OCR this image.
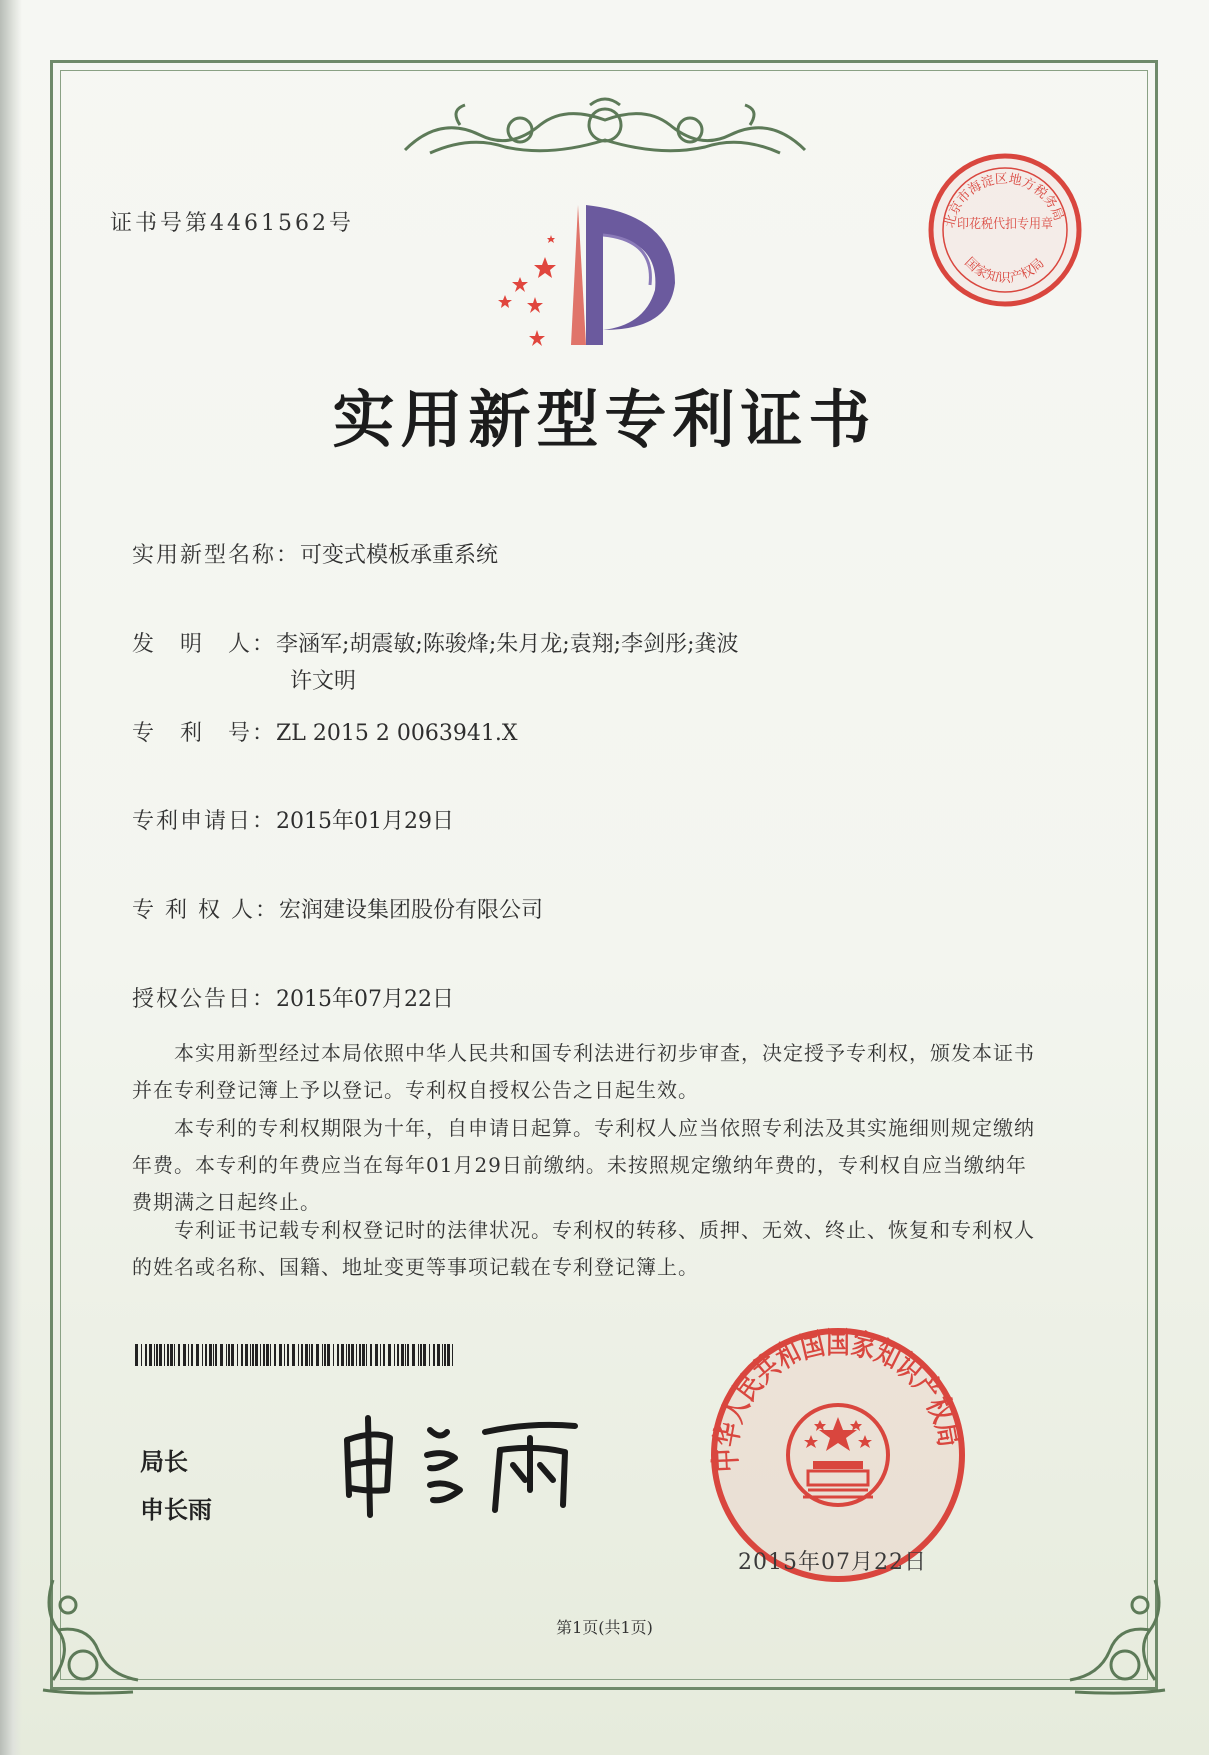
证书号第4461562号	北京市海淀区地方税务局
印花税代扣专用章
国家知识产权局
实用新型专利证书
实用新型名称：可变式模板承重系统
发　明　人：李涵军;胡震敏;陈骏烽;朱月龙;袁翔;李剑彤;龚波
许文明
专　利　号：ZL 2015 2 0063941.X
专利申请日：2015年01月29日
专 利 权 人：宏润建设集团股份有限公司
授权公告日：2015年07月22日
本实用新型经过本局依照中华人民共和国专利法进行初步审查，决定授予专利权，颁发本证书并在专利登记簿上予以登记。专利权自授权公告之日起生效。
本专利的专利权期限为十年，自申请日起算。专利权人应当依照专利法及其实施细则规定缴纳年费。本专利的年费应当在每年01月29日前缴纳。未按照规定缴纳年费的，专利权自应当缴纳年费期满之日起终止。
专利证书记载专利权登记时的法律状况。专利权的转移、质押、无效、终止、恢复和专利权人的姓名或名称、国籍、地址变更等事项记载在专利登记簿上。
局长
申长雨
中华人民共和国国家知识产权局
2015年07月22日
第1页(共1页)
